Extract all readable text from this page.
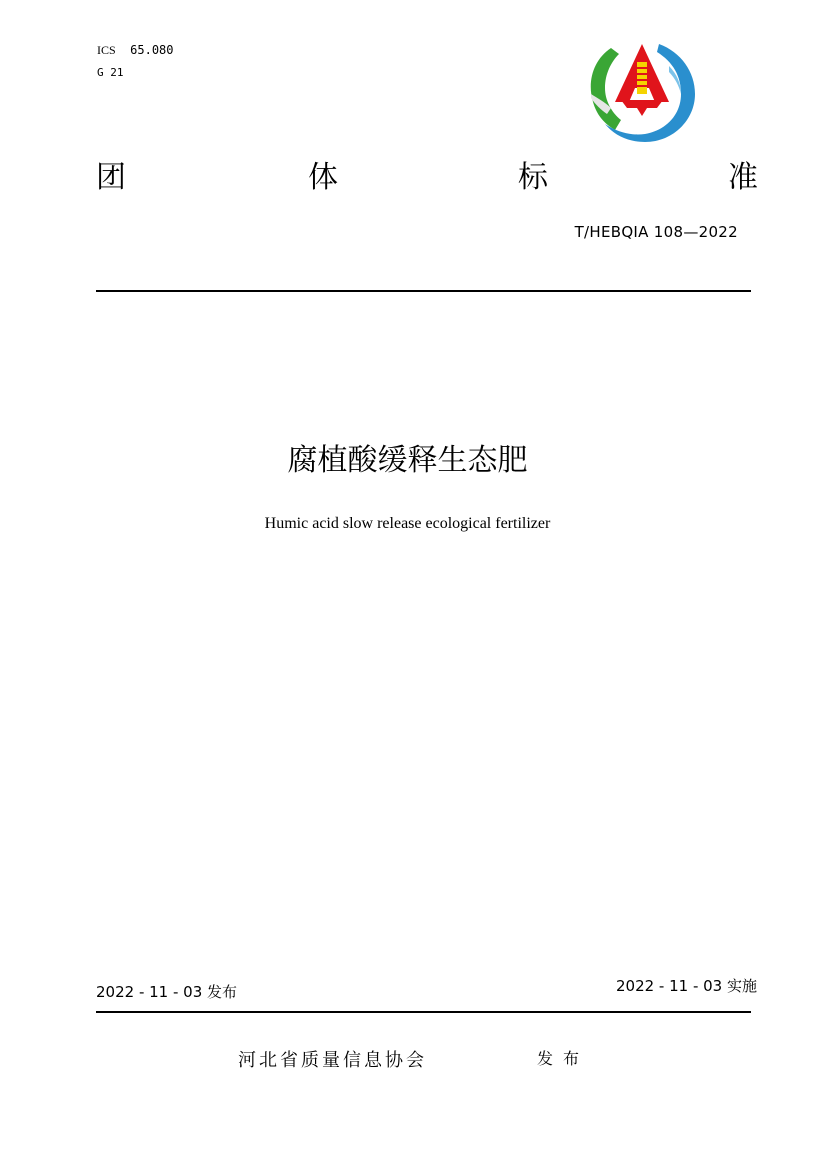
ICS 65.080
G 21
团	体	标	准
T/HEBQIA 108—2022
腐植酸缓释生态肥
Humic acid slow release ecological fertilizer
2022 - 11 - 03 发布	2022 - 11 - 03 实施
河北省质量信息协会	发布
